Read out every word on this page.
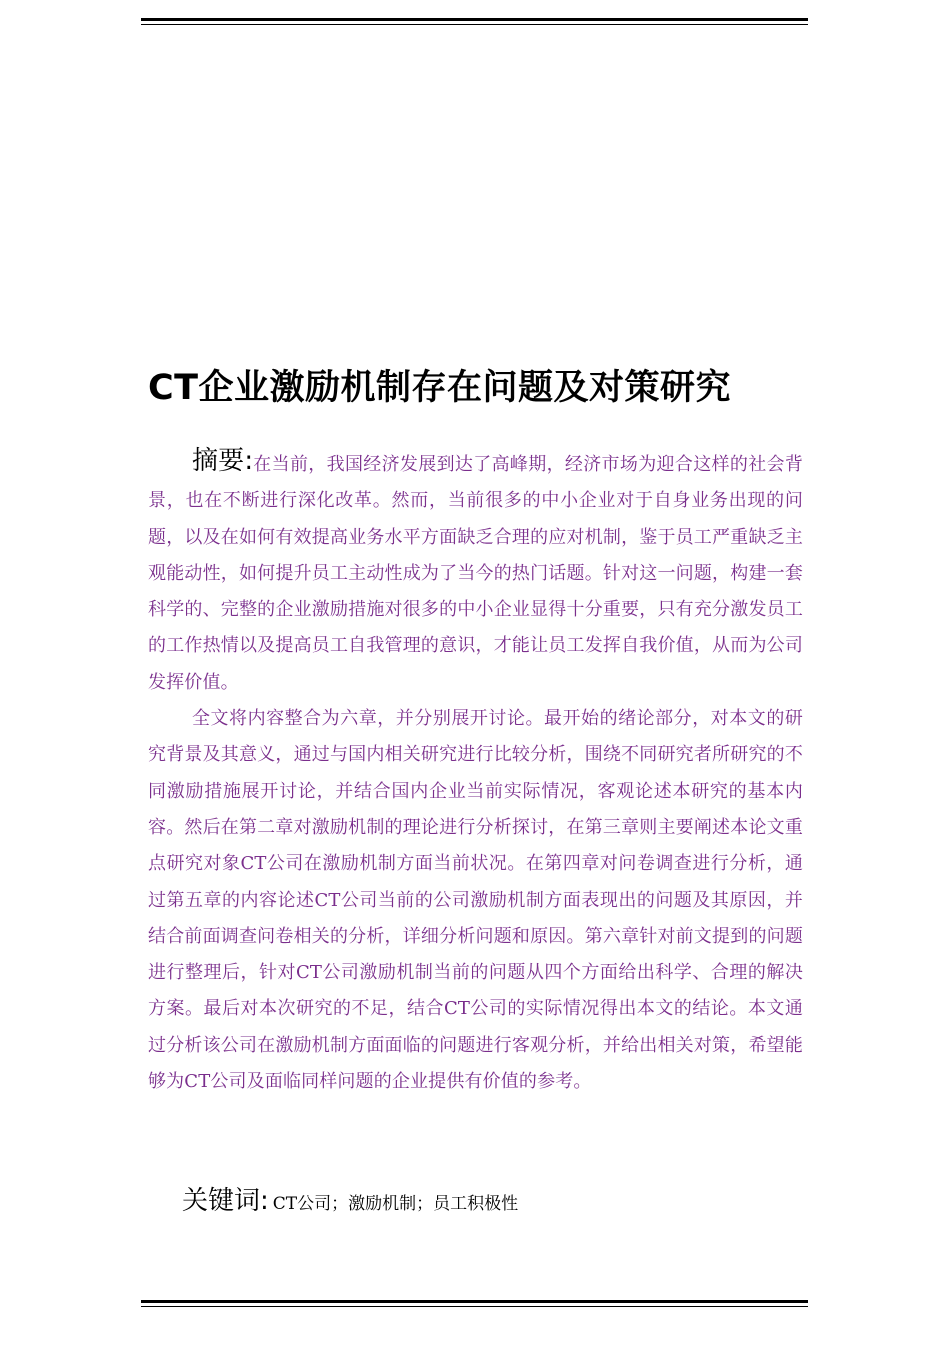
CT企业激励机制存在问题及对策研究

摘要:在当前，我国经济发展到达了高峰期，经济市场为迎合这样的社会背景，也在不断进行深化改革。然而，当前很多的中小企业对于自身业务出现的问题，以及在如何有效提高业务水平方面缺乏合理的应对机制，鉴于员工严重缺乏主观能动性，如何提升员工主动性成为了当今的热门话题。针对这一问题，构建一套科学的、完整的企业激励措施对很多的中小企业显得十分重要，只有充分激发员工的工作热情以及提高员工自我管理的意识，才能让员工发挥自我价值，从而为公司发挥价值。

全文将内容整合为六章，并分别展开讨论。最开始的绪论部分，对本文的研究背景及其意义，通过与国内相关研究进行比较分析，围绕不同研究者所研究的不同激励措施展开讨论，并结合国内企业当前实际情况，客观论述本研究的基本内容。然后在第二章对激励机制的理论进行分析探讨，在第三章则主要阐述本论文重点研究对象CT公司在激励机制方面当前状况。在第四章对问卷调查进行分析，通过第五章的内容论述CT公司当前的公司激励机制方面表现出的问题及其原因，并结合前面调查问卷相关的分析，详细分析问题和原因。第六章针对前文提到的问题进行整理后，针对CT公司激励机制当前的问题从四个方面给出科学、合理的解决方案。最后对本次研究的不足，结合CT公司的实际情况得出本文的结论。本文通过分析该公司在激励机制方面面临的问题进行客观分析，并给出相关对策，希望能够为CT公司及面临同样问题的企业提供有价值的参考。

关键词: CT公司；激励机制；员工积极性
